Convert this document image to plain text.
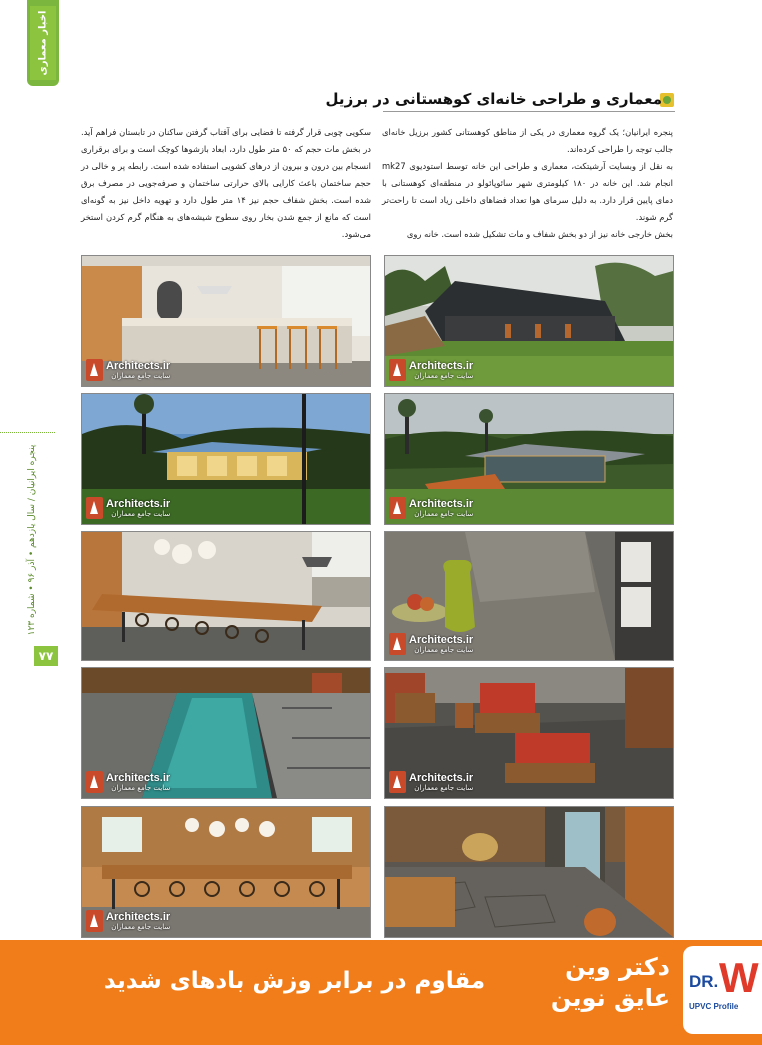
اخبار معماری
پنجره ایرانیان / سال یازدهم • آذر ۹۶ • شماره ۱۲۳
۷۷
معماری و طراحی خانه‌ای کوهستانی در برزیل

پنجره ایرانیان؛ یک گروه معماری در یکی از مناطق کوهستانی کشور برزیل خانه‌ای جالب توجه را طراحی کرده‌اند.

به نقل از وبسایت آرشیتکت، معماری و طراحی این خانه توسط استودیوی mk27 انجام شد. این خانه در ۱۸۰ کیلومتری شهر سائوپائولو در منطقه‌ای کوهستانی با دمای پایین قرار دارد. به دلیل سرمای هوا تعداد فضاهای داخلی زیاد است تا راحت‌تر گرم شوند.

بخش خارجی خانه نیز از دو بخش شفاف و مات تشکیل شده است. خانه روی

سکویی چوبی قرار گرفته تا فضایی برای آفتاب گرفتن ساکنان در تابستان فراهم آید. در بخش مات حجم که ۵۰ متر طول دارد، ابعاد بازشوها کوچک است و برای برقراری انسجام بین درون و بیرون از درهای کشویی استفاده شده است. رابطه پر و خالی در حجم ساختمان باعث کارایی بالای حرارتی ساختمان و صرفه‌جویی در مصرف برق شده است. بخش شفاف حجم نیز ۱۴ متر طول دارد و تهویه داخل نیز به گونه‌ای است که مانع از جمع شدن بخار روی سطوح شیشه‌های به هنگام گرم کردن استخر می‌شود.

Architects.ir
سایت جامع معماران
Architects.ir
سایت جامع معماران
Architects.ir
سایت جامع معماران
Architects.ir
سایت جامع معماران
Architects.ir
سایت جامع معماران
Architects.ir
سایت جامع معماران
Architects.ir
سایت جامع معماران
Architects.ir
سایت جامع معماران
DR. W
UPVC Profile
دکتر وین
عایق نوین
مقاوم در برابر وزش بادهای شدید
